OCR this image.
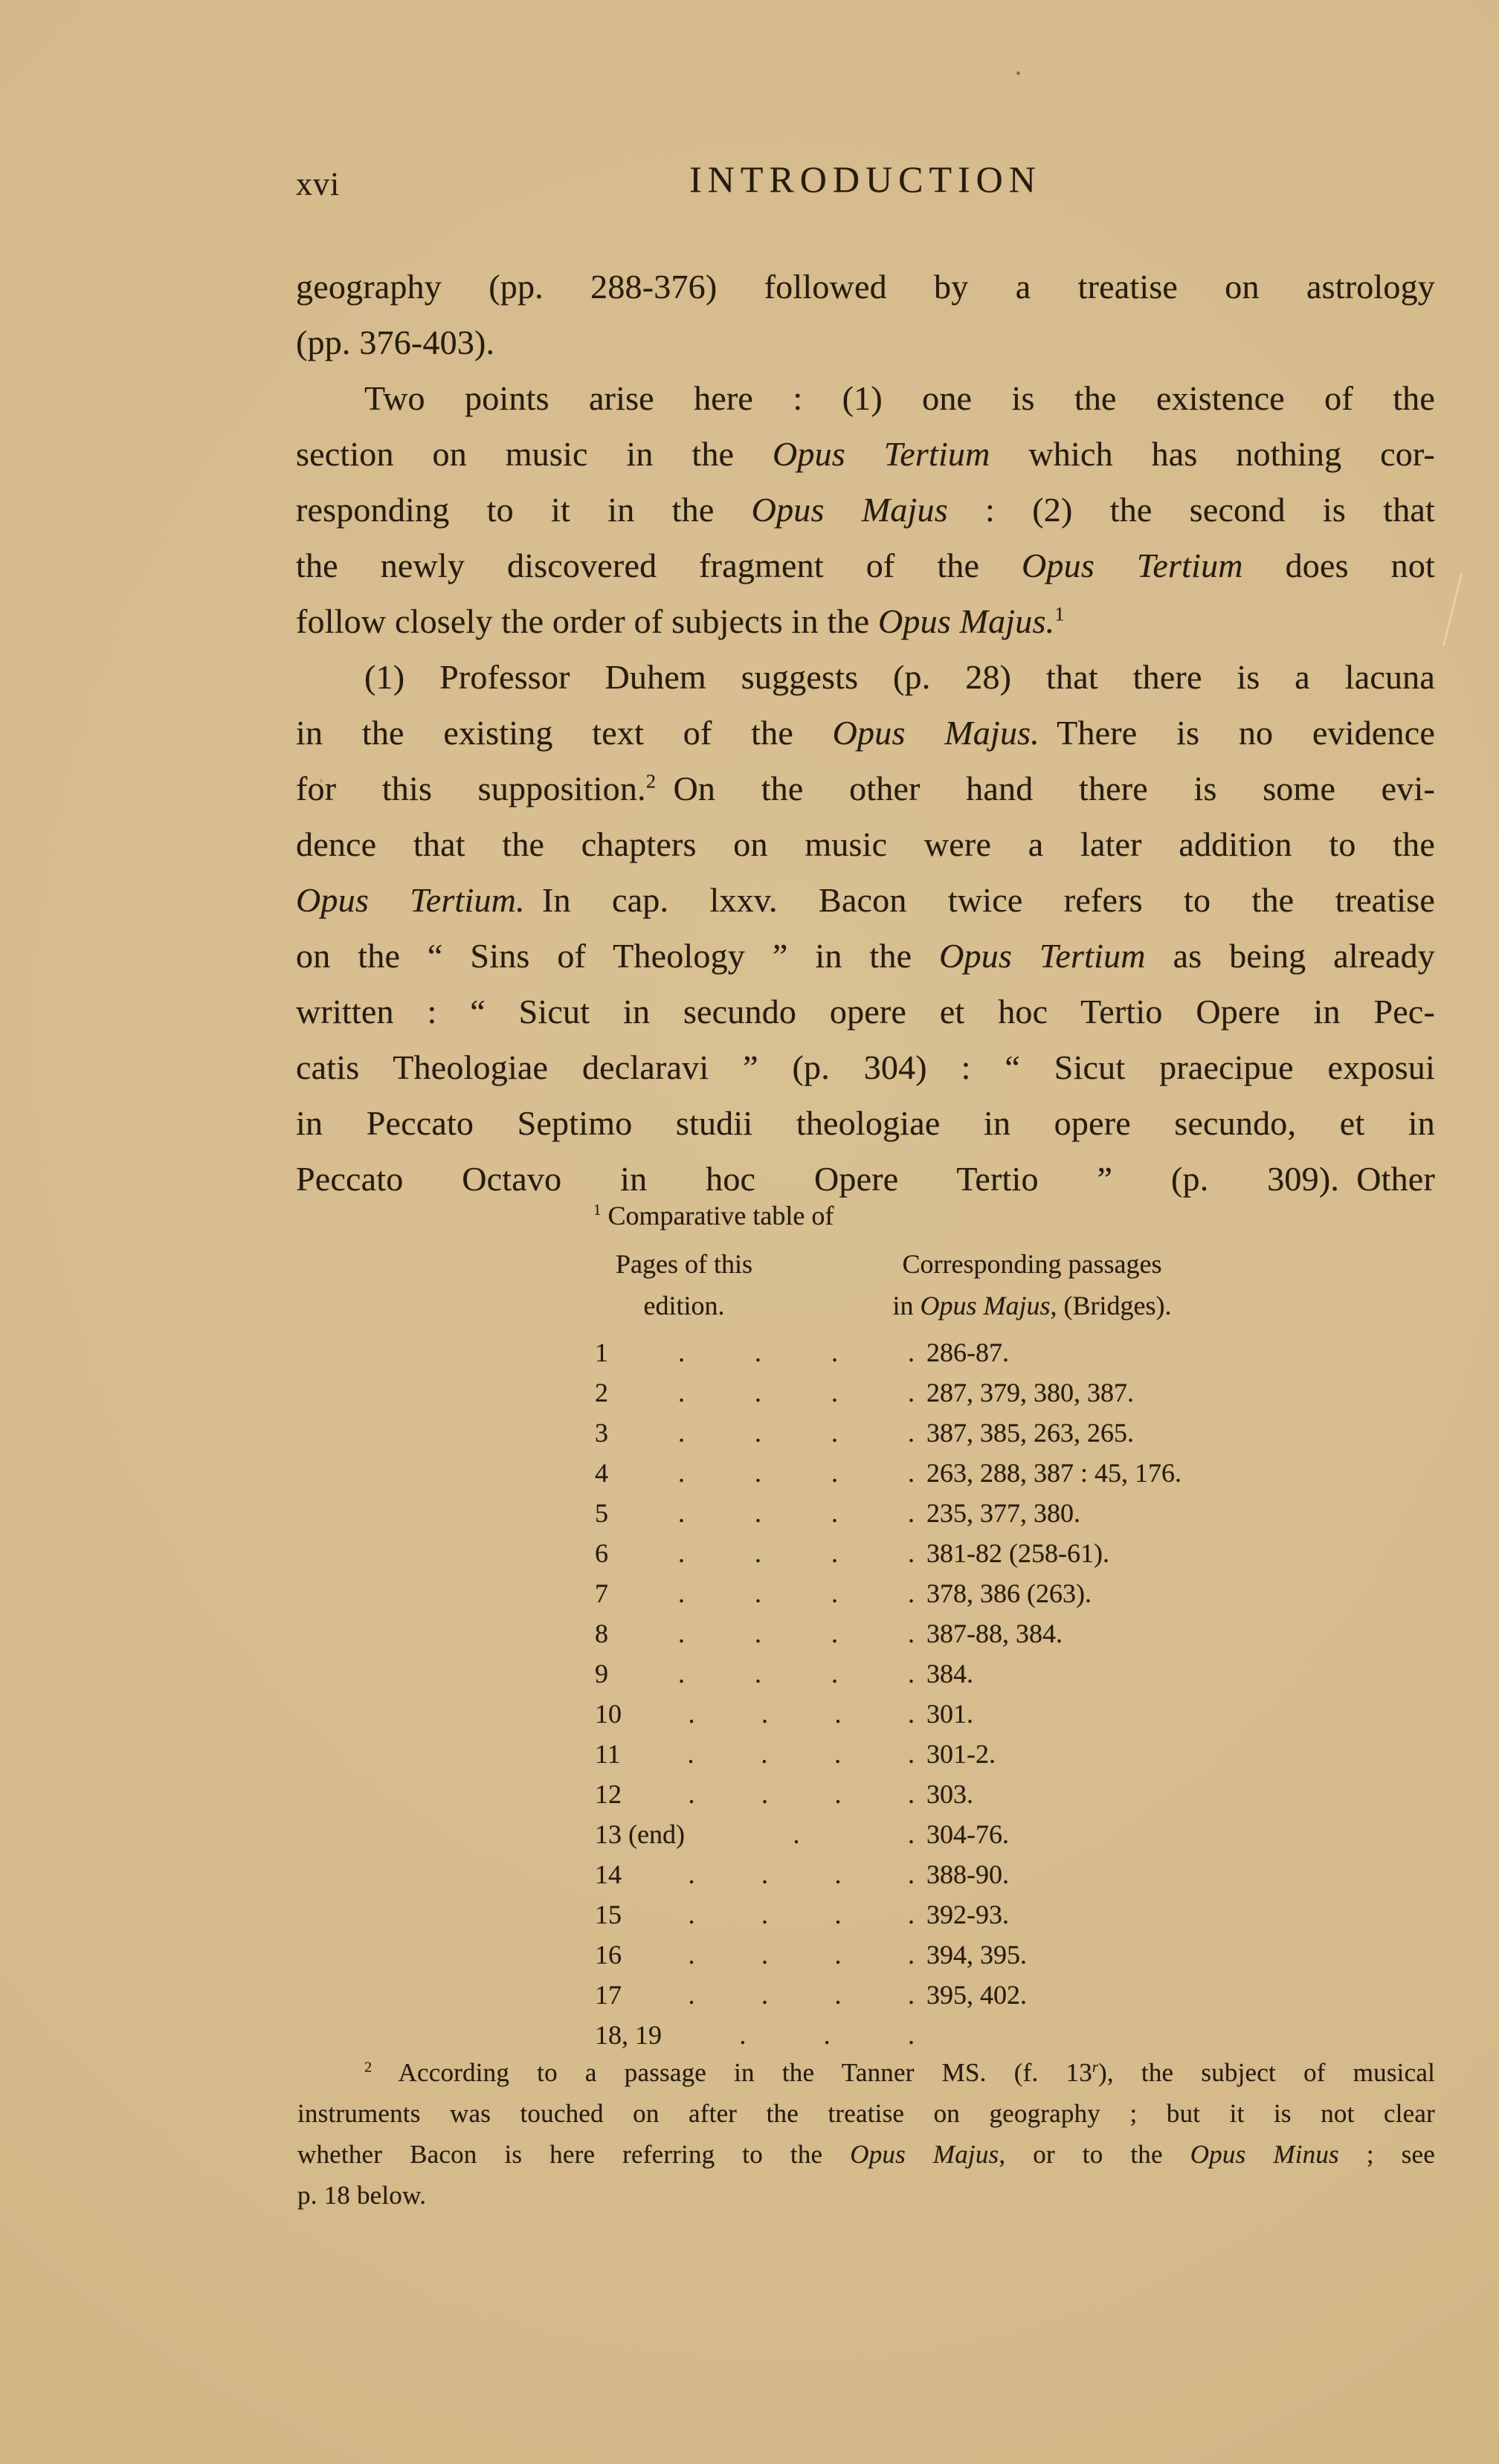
xvi	INTRODUCTION
geography (pp. 288-376) followed by a treatise on astrology
(pp. 376-403).
Two points arise here : (1) one is the existence of the
section on music in the Opus Tertium which has nothing cor-
responding to it in the Opus Majus : (2) the second is that
the newly discovered fragment of the Opus Tertium does not
follow closely the order of subjects in the Opus Majus.$^1$
(1) Professor Duhem suggests (p. 28) that there is a lacuna
in the existing text of the Opus Majus. There is no evidence
for this supposition.$^2$ On the other hand there is some evi-
dence that the chapters on music were a later addition to the
Opus Tertium. In cap. lxxv. Bacon twice refers to the treatise
on the “ Sins of Theology ” in the Opus Tertium as being already
written : “ Sicut in secundo opere et hoc Tertio Opere in Pec-
catis Theologiae declaravi ” (p. 304) : “ Sicut praecipue exposui
in Peccato Septimo studii theologiae in opere secundo, et in
Peccato Octavo in hoc Opere Tertio ” (p. 309). Other
$^1$ Comparative table of
Pages of this
edition.
Corresponding passages
in Opus Majus, (Bridges).
1	.	.	.	. 286-87.
2	.	.	.	. 287, 379, 380, 387.
3	.	.	.	. 387, 385, 263, 265.
4	.	.	.	. 263, 288, 387 : 45, 176.
5	.	.	.	. 235, 377, 380.
6	.	.	.	. 381-82 (258-61).
7	.	.	.	. 378, 386 (263).
8	.	.	.	. 387-88, 384.
9	.	.	.	. 384.
10 . . . . 301.
11 . . . . 301-2.
12 . . . . 303.
13 (end)	.	. 304-76.
14 . . . . 388-90.
15 . . . . 392-93.
16 . . . . 394, 395.
17 . . . . 395, 402.
18, 19	.	.	.
$^2$ According to a passage in the Tanner MS. (f. 13$^r$), the subject of musical
instruments was touched on after the treatise on geography ; but it is not clear
whether Bacon is here referring to the Opus Majus, or to the Opus Minus ; see
p. 18 below.
